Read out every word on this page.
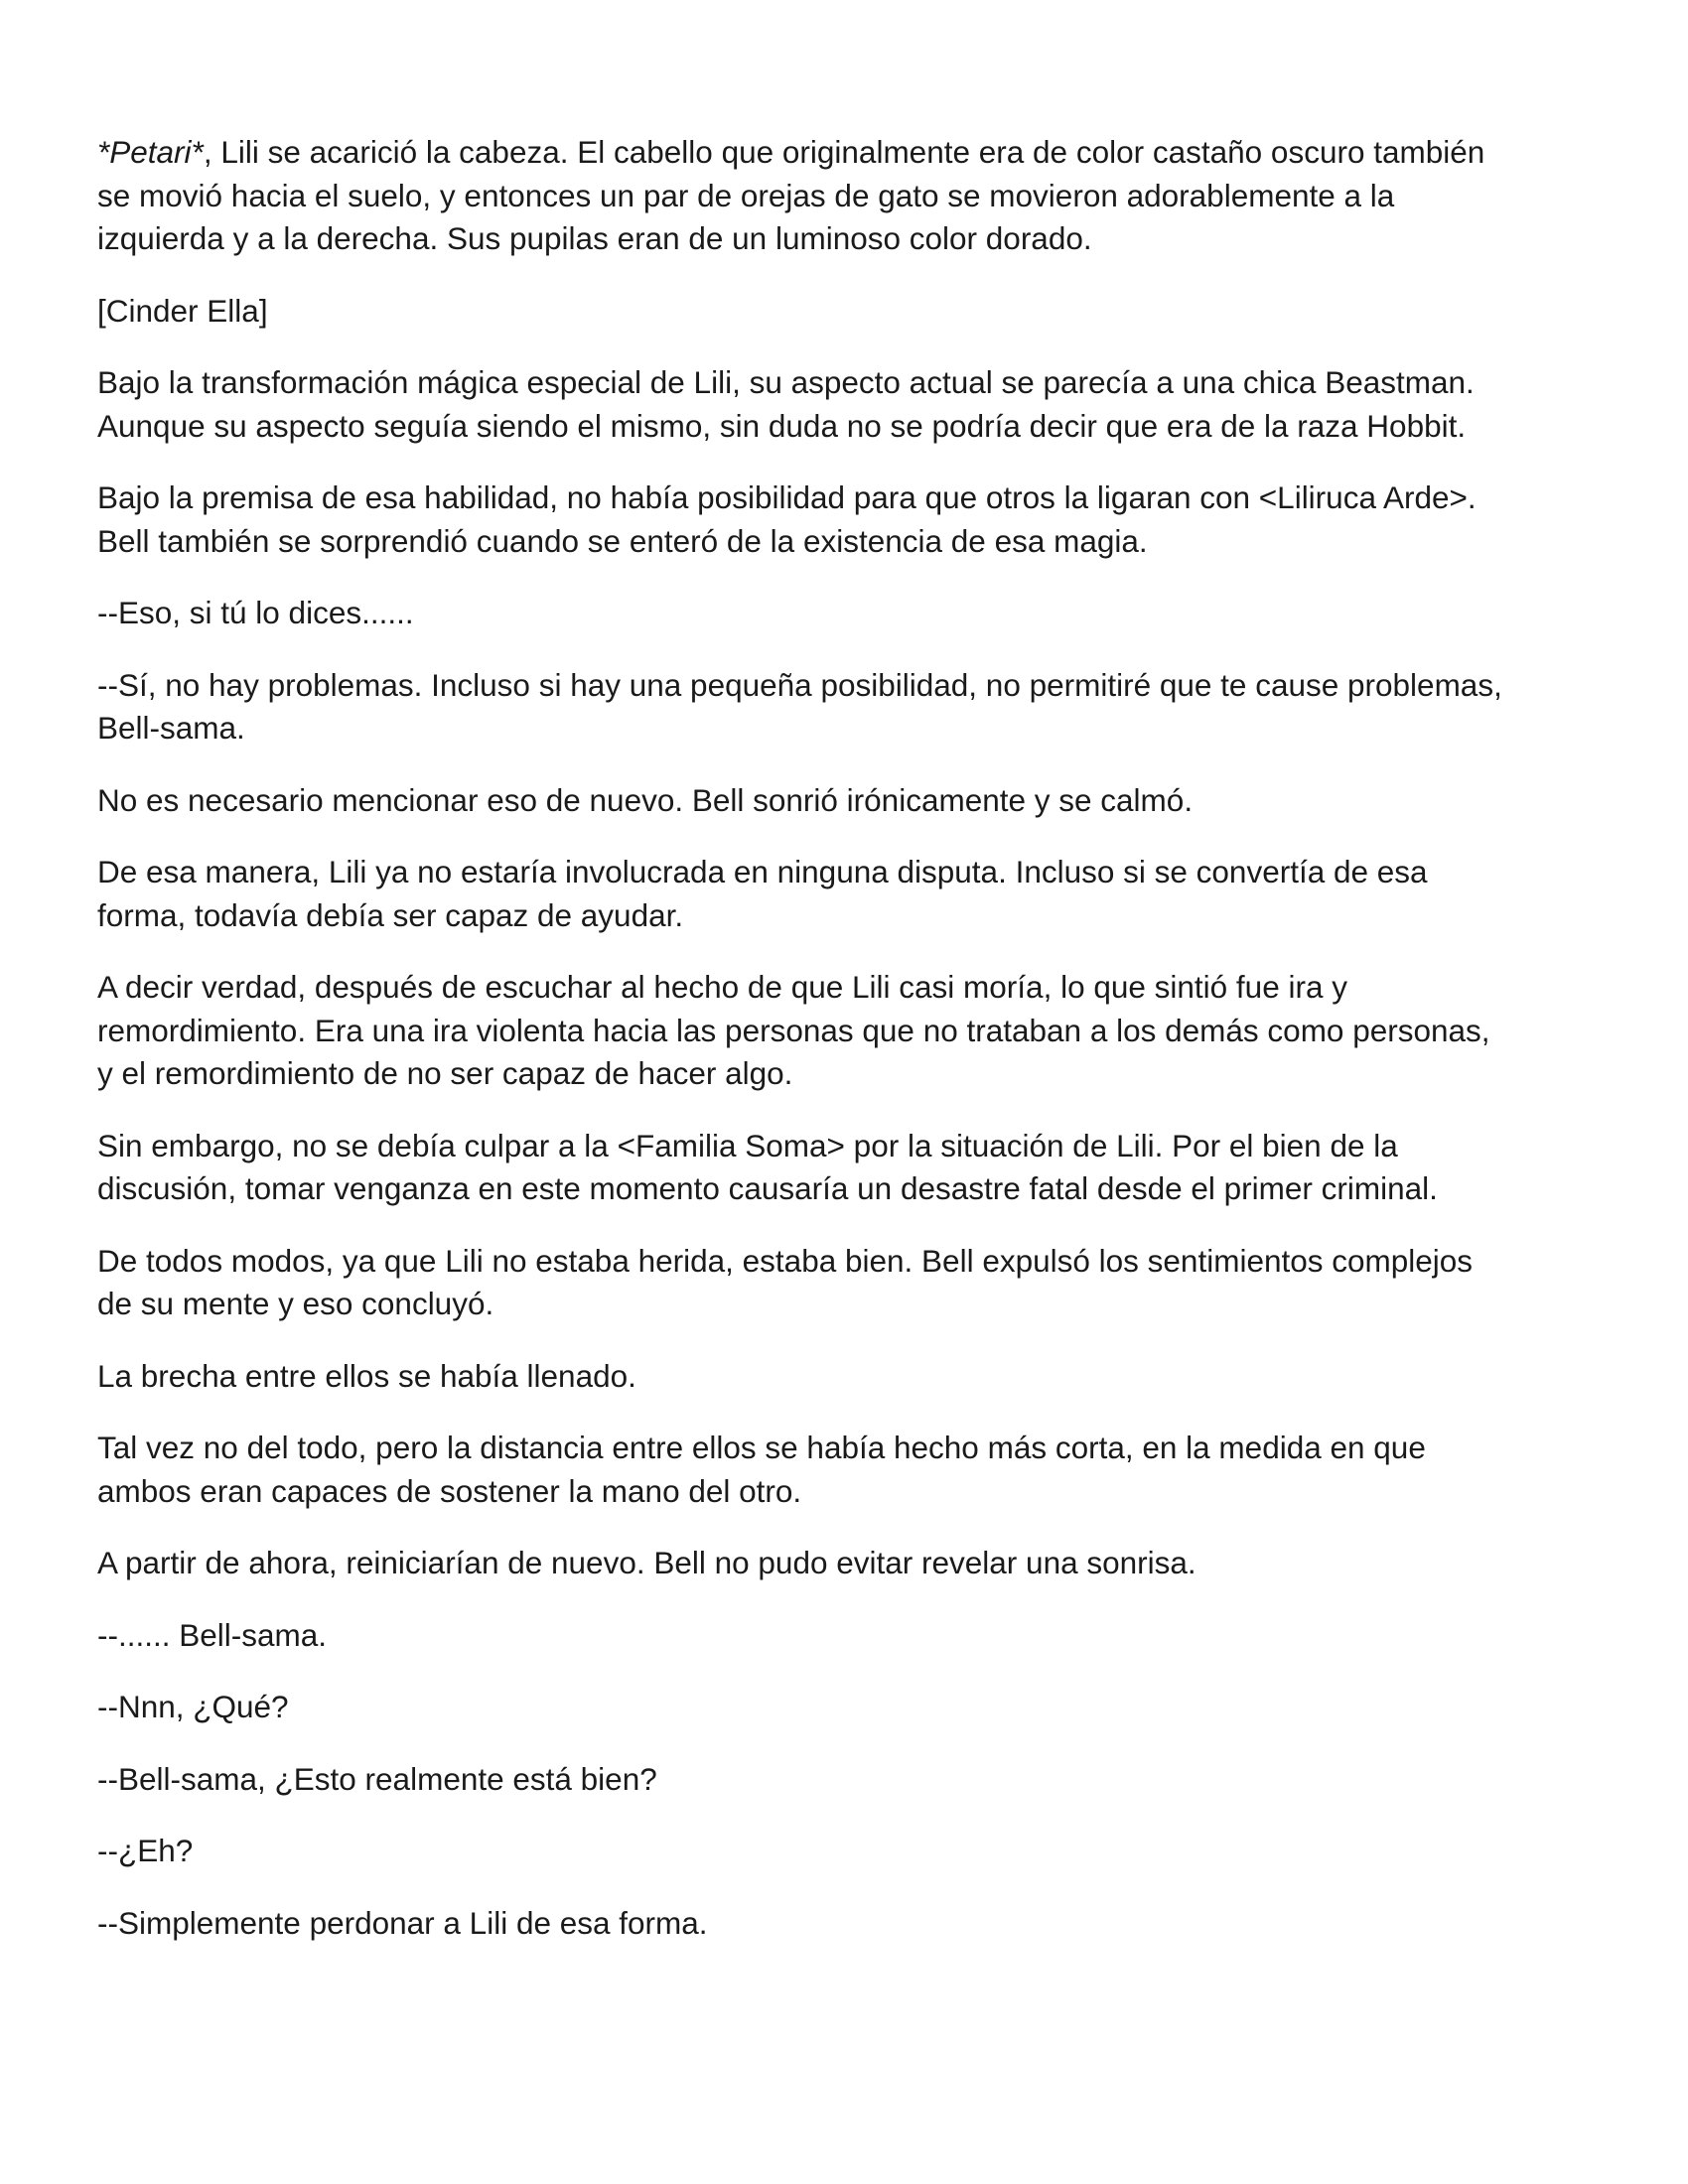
*Petari*, Lili se acarició la cabeza. El cabello que originalmente era de color castaño oscuro también
se movió hacia el suelo, y entonces un par de orejas de gato se movieron adorablemente a la
izquierda y a la derecha. Sus pupilas eran de un luminoso color dorado.

[Cinder Ella]

Bajo la transformación mágica especial de Lili, su aspecto actual se parecía a una chica Beastman.
Aunque su aspecto seguía siendo el mismo, sin duda no se podría decir que era de la raza Hobbit.

Bajo la premisa de esa habilidad, no había posibilidad para que otros la ligaran con <Liliruca Arde>.
Bell también se sorprendió cuando se enteró de la existencia de esa magia.

--Eso, si tú lo dices......

--Sí, no hay problemas. Incluso si hay una pequeña posibilidad, no permitiré que te cause problemas,
Bell-sama.

No es necesario mencionar eso de nuevo. Bell sonrió irónicamente y se calmó.

De esa manera, Lili ya no estaría involucrada en ninguna disputa. Incluso si se convertía de esa
forma, todavía debía ser capaz de ayudar.

A decir verdad, después de escuchar al hecho de que Lili casi moría, lo que sintió fue ira y
remordimiento. Era una ira violenta hacia las personas que no trataban a los demás como personas,
y el remordimiento de no ser capaz de hacer algo.

Sin embargo, no se debía culpar a la <Familia Soma> por la situación de Lili. Por el bien de la
discusión, tomar venganza en este momento causaría un desastre fatal desde el primer criminal.

De todos modos, ya que Lili no estaba herida, estaba bien. Bell expulsó los sentimientos complejos
de su mente y eso concluyó.

La brecha entre ellos se había llenado.

Tal vez no del todo, pero la distancia entre ellos se había hecho más corta, en la medida en que
ambos eran capaces de sostener la mano del otro.

A partir de ahora, reiniciarían de nuevo. Bell no pudo evitar revelar una sonrisa.

--...... Bell-sama.

--Nnn, ¿Qué?

--Bell-sama, ¿Esto realmente está bien?

--¿Eh?

--Simplemente perdonar a Lili de esa forma.
